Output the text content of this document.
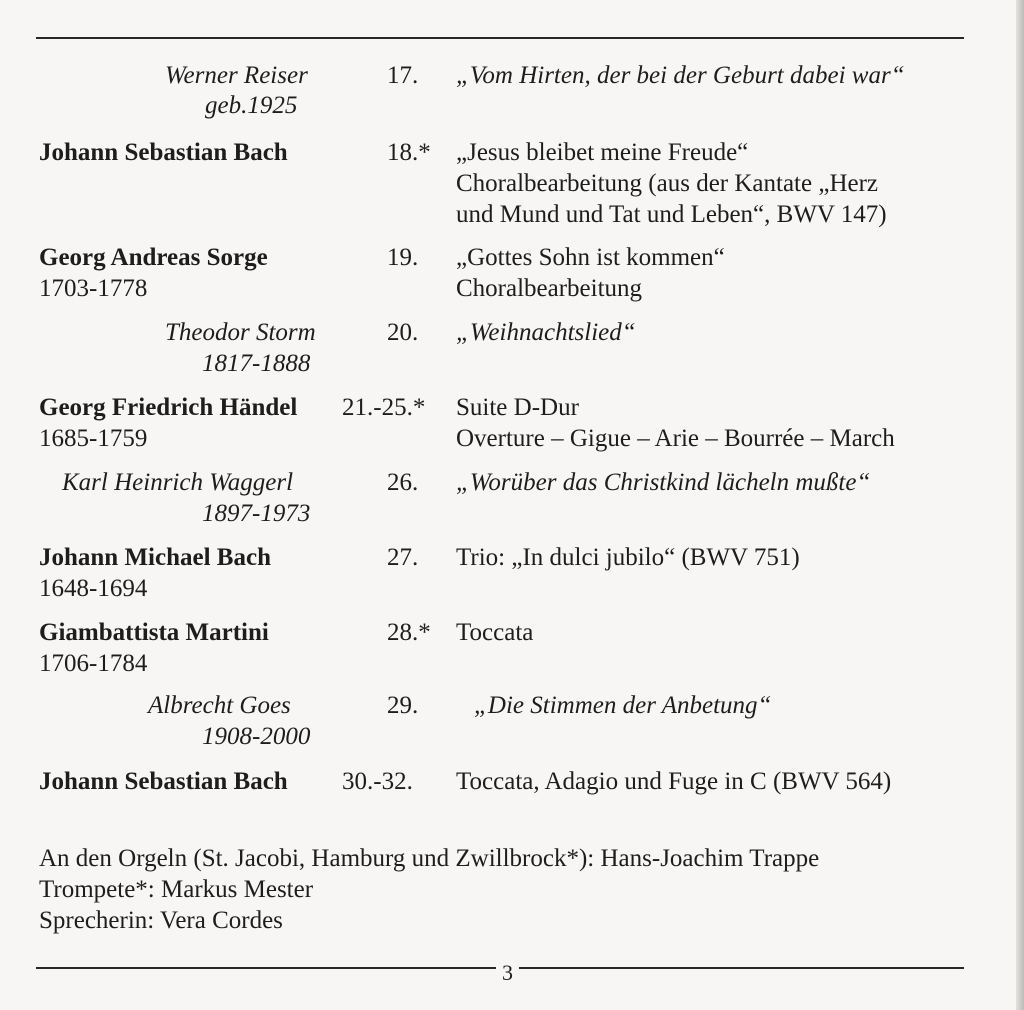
Werner Reiser
geb.1925
17. „Vom Hirten, der bei der Geburt dabei war“
Johann Sebastian Bach	18.* „Jesus bleibet meine Freude“
Choralbearbeitung (aus der Kantate „Herz
und Mund und Tat und Leben“, BWV 147)
Georg Andreas Sorge
1703-1778
19. „Gottes Sohn ist kommen“
Choralbearbeitung
Theodor Storm
1817-1888
20. „Weihnachtslied“
Georg Friedrich Händel
1685-1759
21.-25.* Suite D-Dur
Overture – Gigue – Arie – Bourrée – March
Karl Heinrich Waggerl
1897-1973
26. „Worüber das Christkind lächeln mußte“
Johann Michael Bach
1648-1694
27. Trio: „In dulci jubilo“ (BWV 751)
Giambattista Martini
1706-1784
28.* Toccata
Albrecht Goes
1908-2000
29. „Die Stimmen der Anbetung“
Johann Sebastian Bach 30.-32. Toccata, Adagio und Fuge in C (BWV 564)
An den Orgeln (St. Jacobi, Hamburg und Zwillbrock*): Hans-Joachim Trappe
Trompete*: Markus Mester
Sprecherin: Vera Cordes
3
